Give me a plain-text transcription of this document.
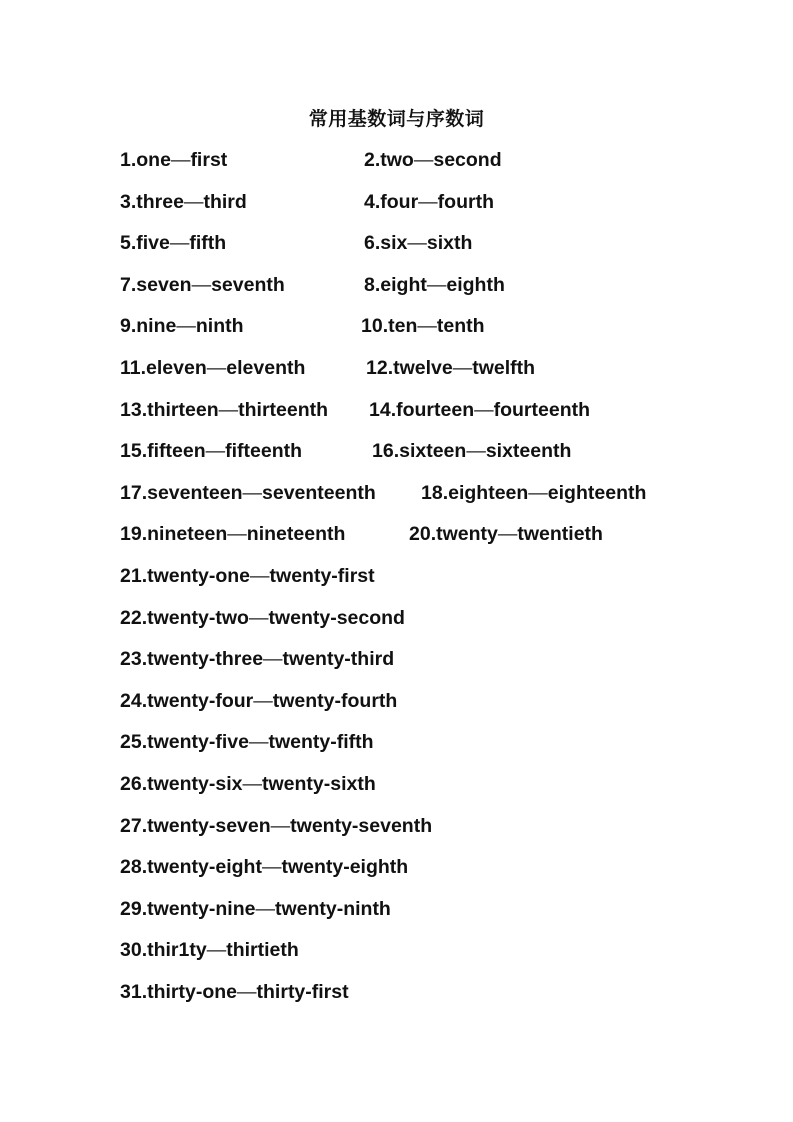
常用基数词与序数词
1.one—first	2.two—second
3.three—third	4.four—fourth
5.five—fifth	6.six—sixth
7.seven—seventh	8.eight—eighth
9.nine—ninth	10.ten—tenth
11.eleven—eleventh	12.twelve—twelfth
13.thirteen—thirteenth 14.fourteen—fourteenth
15.fifteen—fifteenth	16.sixteen—sixteenth
17.seventeen—seventeenth 18.eighteen—eighteenth
19.nineteen—nineteenth	20.twenty—twentieth
21.twenty-one—twenty-first
22.twenty-two—twenty-second
23.twenty-three—twenty-third
24.twenty-four—twenty-fourth
25.twenty-five—twenty-fifth
26.twenty-six—twenty-sixth
27.twenty-seven—twenty-seventh
28.twenty-eight—twenty-eighth
29.twenty-nine—twenty-ninth
30.thir1ty—thirtieth
31.thirty-one—thirty-first
